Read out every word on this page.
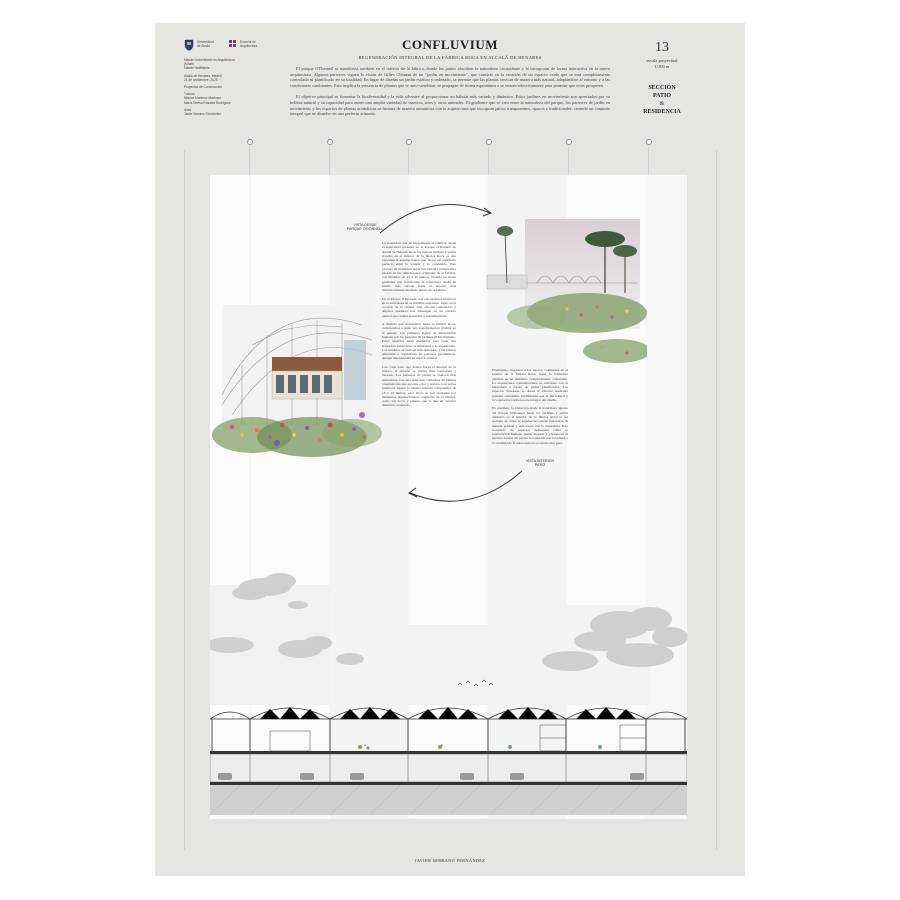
Universidad
de Alcalá
Escuela de
Arquitectura
Máster Universitario en Arquitectura
(Mhab)
Máster Habilitante
Alcalá de Henares, Madrid
21 de septiembre, 2025
Proyectos de Construcción
Tutores
Mónica Martínez Martínez
María Teresa Rosales Rodríguez
Autor
Javier Serrano Fernández
CONFLUVIUM
REGENERACIÓN INTEGRAL DE LA FÁBRICA ROCA EN ALCALÁ DE HENARES

El parque O'Donnell se manifiesta también en el interior de la fábrica, donde los patios absorben la naturaleza circundante y la incorporan de forma interactiva en la nueva arquitectura. Algunos parterres siguen la visión de Gilles Clément de un "jardín en movimiento", que consiste en la creación de un espacio verde que se está completamente controlado ni planificado en su totalidad. En lugar de diseñar un jardín estático y ordenado, se permite que las plantas crezcan de manera más natural, adaptándose al entorno y a las condiciones cambiantes. Esto implica la presencia de plantas que se auto-siembran, se propagan de forma espontánea o se retiran selectivamente para permitir que otras prosperen.

El objetivo principal es fomentar la biodiversidad y la vida silvestre al proporcionar un hábitat más variado y dinámico. Estos jardines en movimiento son apreciados por su belleza natural y su capacidad para atraer una amplia variedad de insectos, aves y otros animales. El gradiente que se crea entre la naturaleza del parque, los parterres de jardín en movimiento y los espacios de plantas aromáticas se fusiona de manera armoniosa con la arquitectura que incorpora patios transparentes, opacos y tradicionales, creando un conjunto integral que se disuelve en una perfecta armonía.

13
escala proyectual
1/100 m
SECCIÓN
PATIO
&
RESIDENCIA
VISTA DESDE
PARQUE O'DONNELL

La transición que se experimenta al caminar desde la naturaleza presente en el Parque O'Donnell de Alcalá de Henares hacia los nuevos jardines y patios creados en el interior de la fábrica Roca es una experiencia arquitectónica que busca un equilibrio perfecto entre lo natural y lo construido. Este proceso de transición sigue una retícula compositiva basada en las dimensiones originales de la fábrica, con módulos de 15 x 15 metros, creando un suave gradiente que transforma la naturaleza desde su estado más salvaje hasta el entorno más cuidadosamente diseñado dentro de la fábrica.

En el Parque O'Donnell, nos encontramos inmersos en la naturaleza en su máxima expresión. Junto en el corazón de la ciudad. Allí, árboles centenarios y amplios senderos nos sumergen en un entorno natural que respira serenidad y contemplación.

A medida que avanzamos hacia la fábrica Roca, comenzamos a notar una transformación gradual en el paisaje. Los primeros signos de intervención humana son los parterres de jardines en movimiento. Estos espacios están diseñados para crear una transición suave entre la naturaleza y la arquitectura. Los senderos se vuelven más definidos, y las plantas empiezan a organizarse en patrones geométricos, aunque manteniendo su aspecto natural.

Con cada paso que damos hacia el interior de la fábrica, el entorno se vuelve más controlado y cuidado. Los parterres de jardín se vuelven más elaborados, con una selección cuidadosa de plantas ornamentales que aportan color y textura. Los patios interiores siguen la misma retícula compositiva de 15 x 15 metros, pero ahora se ven realzados por elementos arquitectónicos originales de la fábrica, como sus arcos y pilares, que le dan un carácter distintivo al espacio.

Finalmente, llegamos a los nuevos volúmenes en el interior de la fábrica Roca. Aquí, la transición culmina en un ambiente completamente construido. La arquitectura contemporánea se entrelaza con la naturaleza a través de patios planificados. Los espacios interiores se abren al exterior mediante grandes ventanales, permitiendo que la luz natural y la vegetación formen parte integral del diseño.

En resumen, la transición desde la naturaleza agreste del Parque O'Donnell hasta los jardines y patios cuidados en el interior de la fábrica Roca es un ejemplo de cómo la arquitectura puede fusionarse de manera gradual y armoniosa con la naturaleza. Esta secuencia de espacios demuestra cómo la intervención humana puede mejorar y enriquecer el entorno natural sin perder la conexión con la belleza y la vitalidad de la naturaleza en su estado más puro.

VISTA INTERIOR
PATIO
JAVIER SERRANO FERNÁNDEZ
